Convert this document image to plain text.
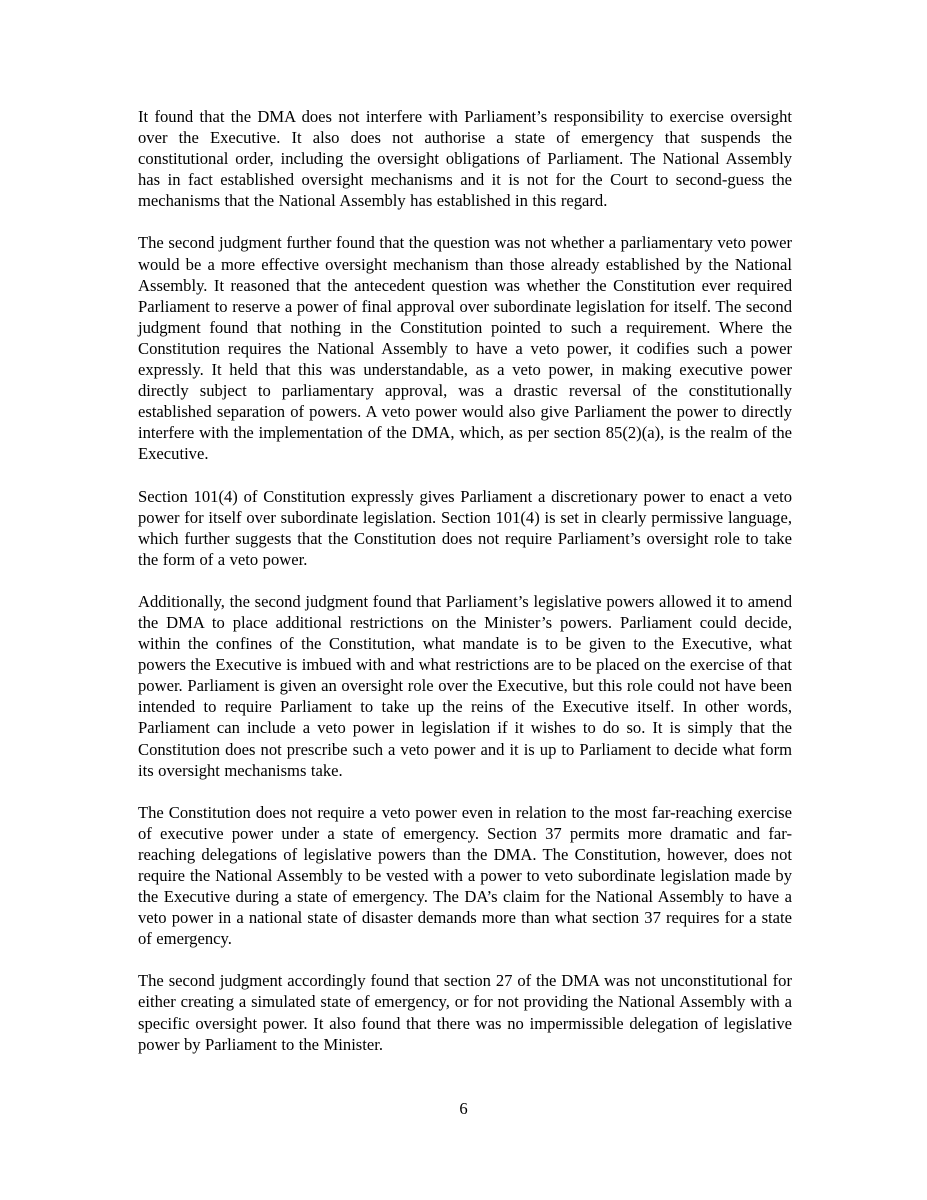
It found that the DMA does not interfere with Parliament’s responsibility to exercise oversight over the Executive. It also does not authorise a state of emergency that suspends the constitutional order, including the oversight obligations of Parliament. The National Assembly has in fact established oversight mechanisms and it is not for the Court to second-guess the mechanisms that the National Assembly has established in this regard.

The second judgment further found that the question was not whether a parliamentary veto power would be a more effective oversight mechanism than those already established by the National Assembly. It reasoned that the antecedent question was whether the Constitution ever required Parliament to reserve a power of final approval over subordinate legislation for itself. The second judgment found that nothing in the Constitution pointed to such a requirement. Where the Constitution requires the National Assembly to have a veto power, it codifies such a power expressly. It held that this was understandable, as a veto power, in making executive power directly subject to parliamentary approval, was a drastic reversal of the constitutionally established separation of powers. A veto power would also give Parliament the power to directly interfere with the implementation of the DMA, which, as per section 85(2)(a), is the realm of the Executive.

Section 101(4) of Constitution expressly gives Parliament a discretionary power to enact a veto power for itself over subordinate legislation. Section 101(4) is set in clearly permissive language, which further suggests that the Constitution does not require Parliament’s oversight role to take the form of a veto power.

Additionally, the second judgment found that Parliament’s legislative powers allowed it to amend the DMA to place additional restrictions on the Minister’s powers. Parliament could decide, within the confines of the Constitution, what mandate is to be given to the Executive, what powers the Executive is imbued with and what restrictions are to be placed on the exercise of that power. Parliament is given an oversight role over the Executive, but this role could not have been intended to require Parliament to take up the reins of the Executive itself. In other words, Parliament can include a veto power in legislation if it wishes to do so. It is simply that the Constitution does not prescribe such a veto power and it is up to Parliament to decide what form its oversight mechanisms take.

The Constitution does not require a veto power even in relation to the most far-reaching exercise of executive power under a state of emergency. Section 37 permits more dramatic and far-reaching delegations of legislative powers than the DMA. The Constitution, however, does not require the National Assembly to be vested with a power to veto subordinate legislation made by the Executive during a state of emergency. The DA’s claim for the National Assembly to have a veto power in a national state of disaster demands more than what section 37 requires for a state of emergency.

The second judgment accordingly found that section 27 of the DMA was not unconstitutional for either creating a simulated state of emergency, or for not providing the National Assembly with a specific oversight power. It also found that there was no impermissible delegation of legislative power by Parliament to the Minister.

6
